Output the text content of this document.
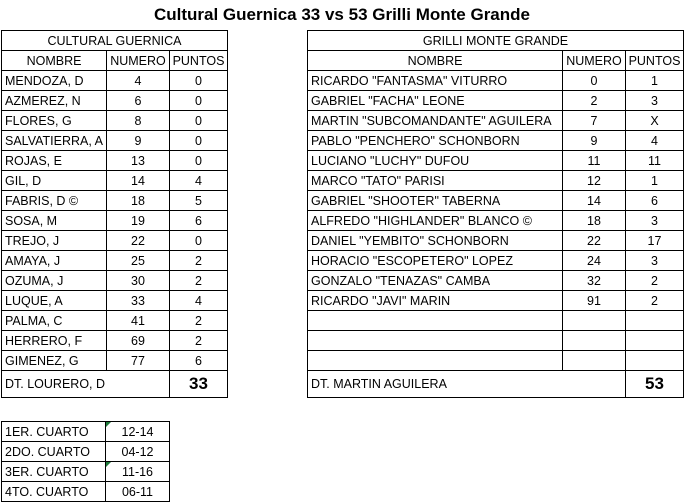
Cultural Guernica 33 vs 53 Grilli Monte Grande
CULTURAL GUERNICA		
NOMBRE	NUMERO	PUNTOS
MENDOZA, D	4	0
AZMEREZ, N	6	0
FLORES, G	8	0
SALVATIERRA, A	9	0
ROJAS, E	13	0
GIL, D	14	4
FABRIS, D ©	18	5
SOSA, M	19	6
TREJO, J	22	0
AMAYA, J	25	2
OZUMA, J	30	2
LUQUE, A	33	4
PALMA, C	41	2
HERRERO, F	69	2
GIMENEZ, G	77	6
DT. LOURERO, D		33
GRILLI MONTE GRANDE		
NOMBRE	NUMERO	PUNTOS
RICARDO "FANTASMA" VITURRO	0	1
GABRIEL "FACHA" LEONE	2	3
MARTIN "SUBCOMANDANTE" AGUILERA	7	X
PABLO "PENCHERO" SCHONBORN	9	4
LUCIANO "LUCHY" DUFOU	11	11
MARCO "TATO" PARISI	12	1
GABRIEL "SHOOTER" TABERNA	14	6
ALFREDO "HIGHLANDER" BLANCO ©	18	3
DANIEL "YEMBITO" SCHONBORN	22	17
HORACIO "ESCOPETERO" LOPEZ	24	3
GONZALO "TENAZAS" CAMBA	32	2
RICARDO "JAVI" MARIN	91	2

DT. MARTIN AGUILERA		53
1ER. CUARTO	12-14

2DO. CUARTO	04-12
3ER. CUARTO	11-16

4TO. CUARTO	06-11
